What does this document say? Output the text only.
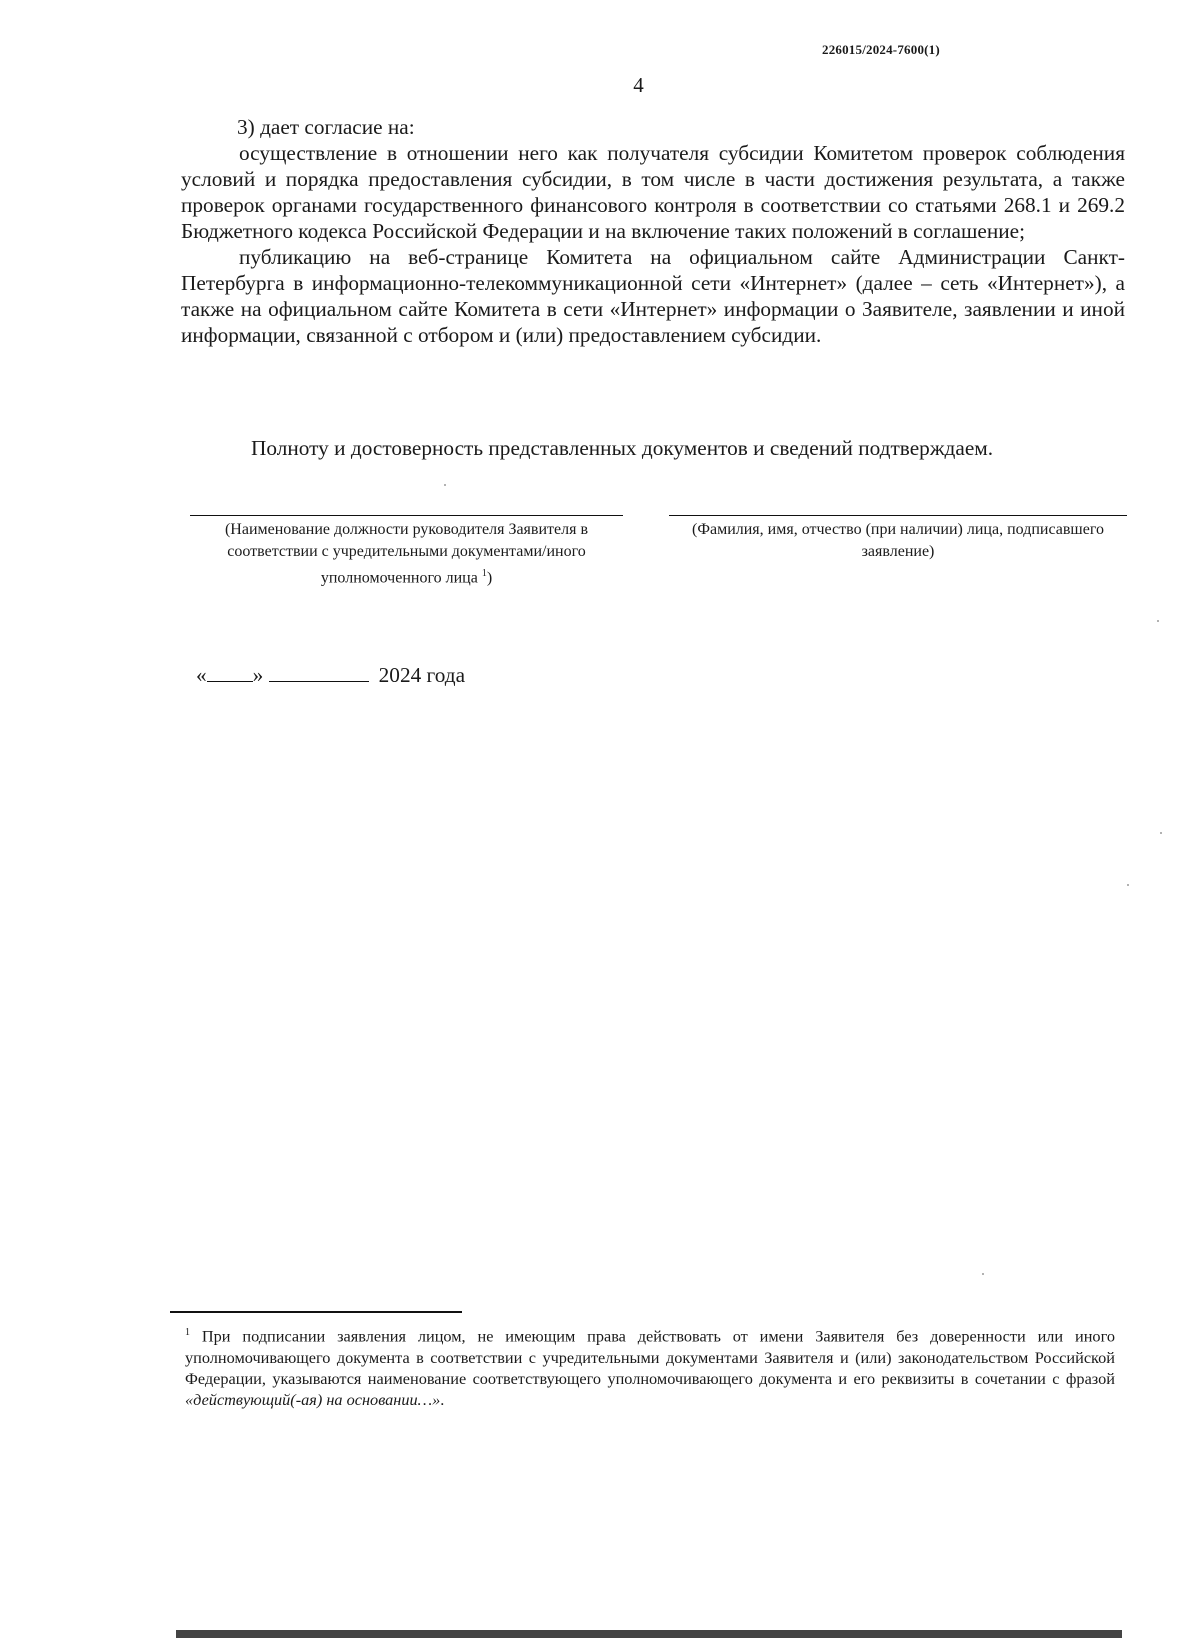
226015/2024-7600(1)
4

3) дает согласие на:

осуществление в отношении него как получателя субсидии Комитетом проверок соблюдения условий и порядка предоставления субсидии, в том числе в части достижения результата, а также проверок органами государственного финансового контроля в соответствии со статьями 268.1 и 269.2 Бюджетного кодекса Российской Федерации и на включение таких положений в соглашение;

публикацию на веб-странице Комитета на официальном сайте Администрации Санкт-Петербурга в информационно-телекоммуникационной сети «Интернет» (далее – сеть «Интернет»), а также на официальном сайте Комитета в сети «Интернет» информации о Заявителе, заявлении и иной информации, связанной с отбором и (или) предоставлением субсидии.

Полноту и достоверность представленных документов и сведений подтверждаем.
(Наименование должности руководителя Заявителя в соответствии с учредительными документами/иного уполномоченного лица $^1$)
(Фамилия, имя, отчество (при наличии) лица, подписавшего заявление)
« »	2024 года
$^1$ При подписании заявления лицом, не имеющим права действовать от имени Заявителя без доверенности или иного уполномочивающего документа в соответствии с учредительными документами Заявителя и (или) законодательством Российской Федерации, указываются наименование соответствующего уполномочивающего документа и его реквизиты в сочетании с фразой «действующий(-ая) на основании…».
